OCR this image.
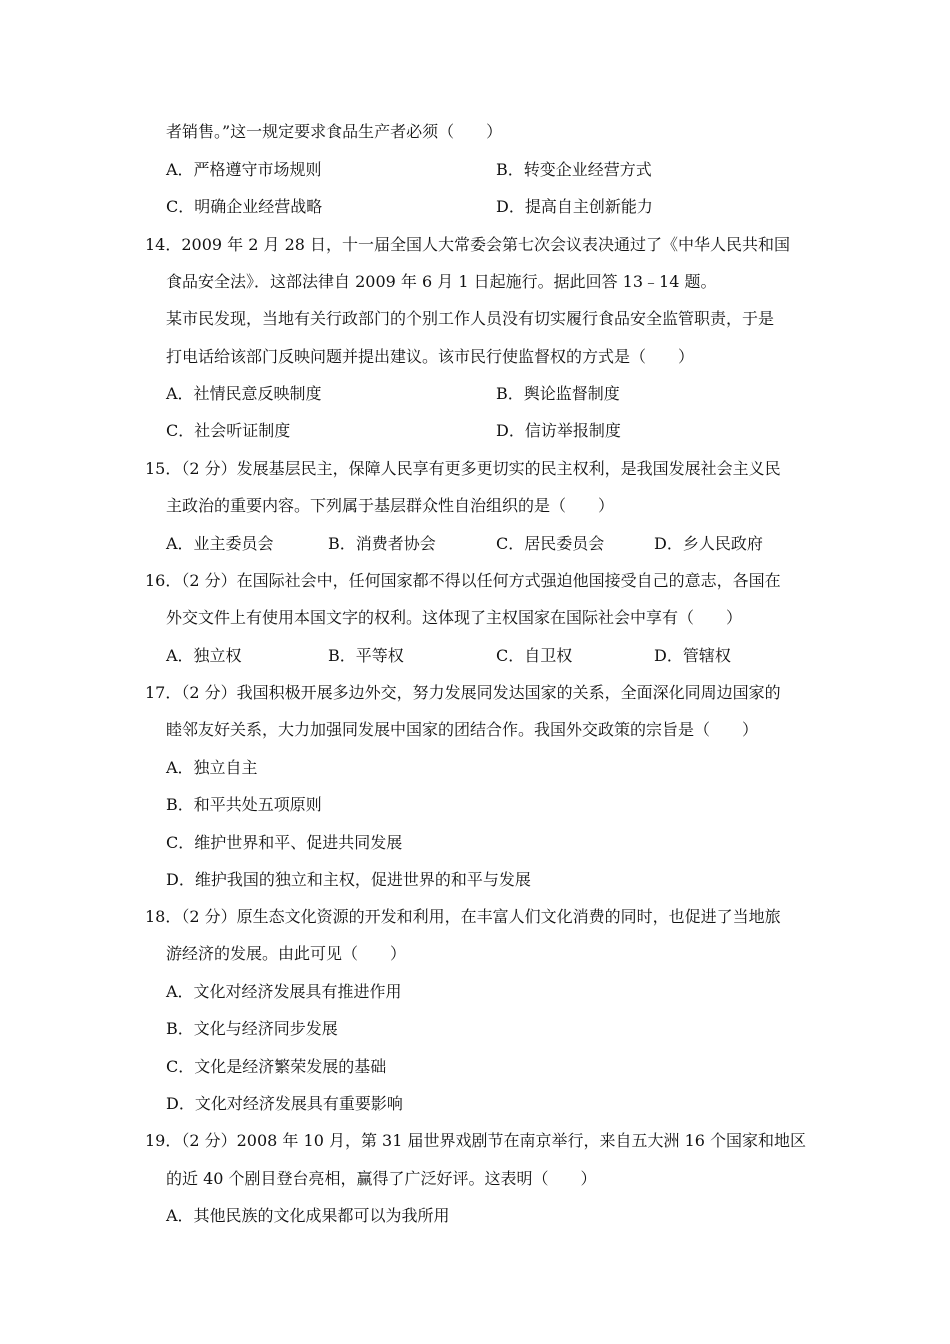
者销售。”这一规定要求食品生产者必须（　　）
A．严格遵守市场规则	B．转变企业经营方式
C．明确企业经营战略	D．提高自主创新能力
14．2009 年 2 月 28 日，十一届全国人大常委会第七次会议表决通过了《中华人民共和国
食品安全法》．这部法律自 2009 年 6 月 1 日起施行。据此回答 13﹣14 题。
某市民发现，当地有关行政部门的个别工作人员没有切实履行食品安全监管职责，于是
打电话给该部门反映问题并提出建议。该市民行使监督权的方式是（　　）
A．社情民意反映制度	B．舆论监督制度
C．社会听证制度	D．信访举报制度
15．（2 分）发展基层民主，保障人民享有更多更切实的民主权利，是我国发展社会主义民
主政治的重要内容。下列属于基层群众性自治组织的是（　　）
A．业主委员会	B．消费者协会	C．居民委员会	D．乡人民政府
16．（2 分）在国际社会中，任何国家都不得以任何方式强迫他国接受自己的意志，各国在
外交文件上有使用本国文字的权利。这体现了主权国家在国际社会中享有（　　）
A．独立权	B．平等权	C．自卫权	D．管辖权
17．（2 分）我国积极开展多边外交，努力发展同发达国家的关系，全面深化同周边国家的
睦邻友好关系，大力加强同发展中国家的团结合作。我国外交政策的宗旨是（　　）
A．独立自主
B．和平共处五项原则
C．维护世界和平、促进共同发展
D．维护我国的独立和主权，促进世界的和平与发展
18．（2 分）原生态文化资源的开发和利用，在丰富人们文化消费的同时，也促进了当地旅
游经济的发展。由此可见（　　）
A．文化对经济发展具有推进作用
B．文化与经济同步发展
C．文化是经济繁荣发展的基础
D．文化对经济发展具有重要影响
19．（2 分）2008 年 10 月，第 31 届世界戏剧节在南京举行，来自五大洲 16 个国家和地区
的近 40 个剧目登台亮相，赢得了广泛好评。这表明（　　）
A．其他民族的文化成果都可以为我所用
